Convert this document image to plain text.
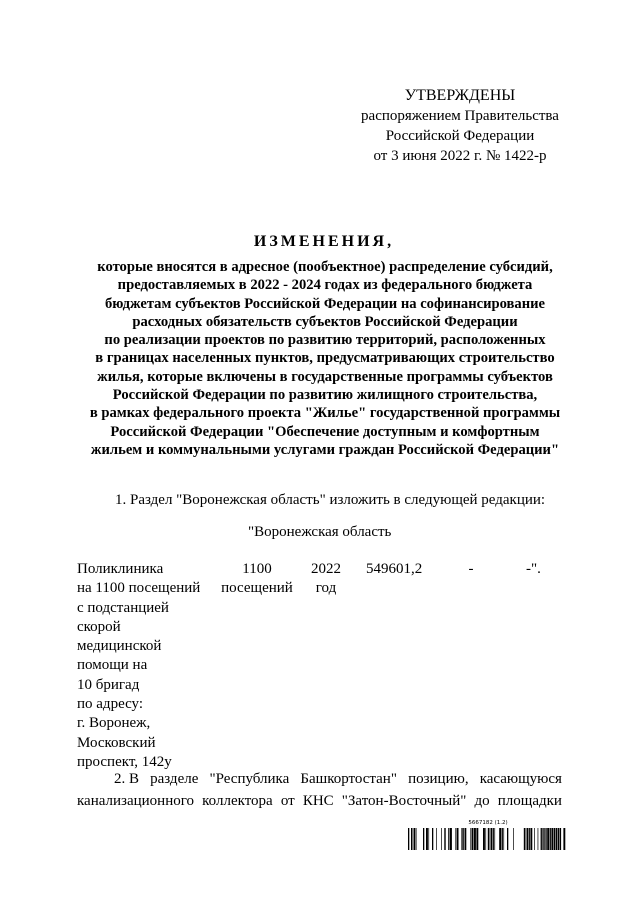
УТВЕРЖДЕНЫ
распоряжением Правительства
Российской Федерации
от 3 июня 2022 г. № 1422-р
ИЗМЕНЕНИЯ,
которые вносятся в адресное (пообъектное) распределение субсидий,
предоставляемых в 2022 - 2024 годах из федерального бюджета
бюджетам субъектов Российской Федерации на софинансирование
расходных обязательств субъектов Российской Федерации
по реализации проектов по развитию территорий, расположенных
в границах населенных пунктов, предусматривающих строительство
жилья, которые включены в государственные программы субъектов
Российской Федерации по развитию жилищного строительства,
в рамках федерального проекта "Жилье" государственной программы
Российской Федерации "Обеспечение доступным и комфортным
жильем и коммунальными услугами граждан Российской Федерации"
1. Раздел "Воронежская область" изложить в следующей редакции:
"Воронежская область
Поликлиника
на 1100 посещений
с подстанцией
скорой
медицинской
помощи на
10 бригад
по адресу:
г. Воронеж,
Московский
проспект, 142у
1100
посещений
2022
год
549601,2	-	-".
2. В разделе "Республика Башкортостан" позицию, касающуюся
канализационного коллектора от КНС "Затон-Восточный" до площадки
5667182 (1.2)
